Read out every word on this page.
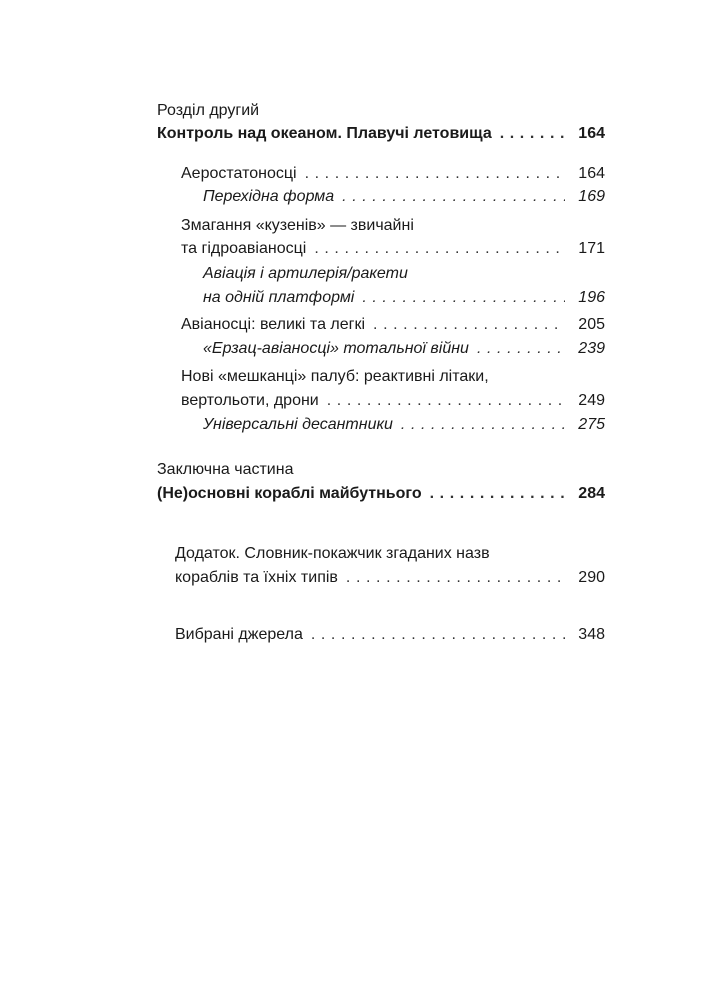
Розділ другий
Контроль над океаном. Плавучі летовища .....	164
Аеростатоносці .....	164
Перехідна форма .....	169
Змагання «кузенів» — звичайні
та гідроавіаносці .....	171
Авіація і артилерія/ракети
на одній платформі .....	196
Авіаносці: великі та легкі .....	205
«Ерзац-авіаносці» тотальної війни .....	239
Нові «мешканці» палуб: реактивні літаки,
вертольоти, дрони .....	249
Універсальні десантники .....	275
Заключна частина
(Не)основні кораблі майбутнього .....	284
Додаток. Словник-покажчик згаданих назв
кораблів та їхніх типів .....	290
Вибрані джерела .....	348
